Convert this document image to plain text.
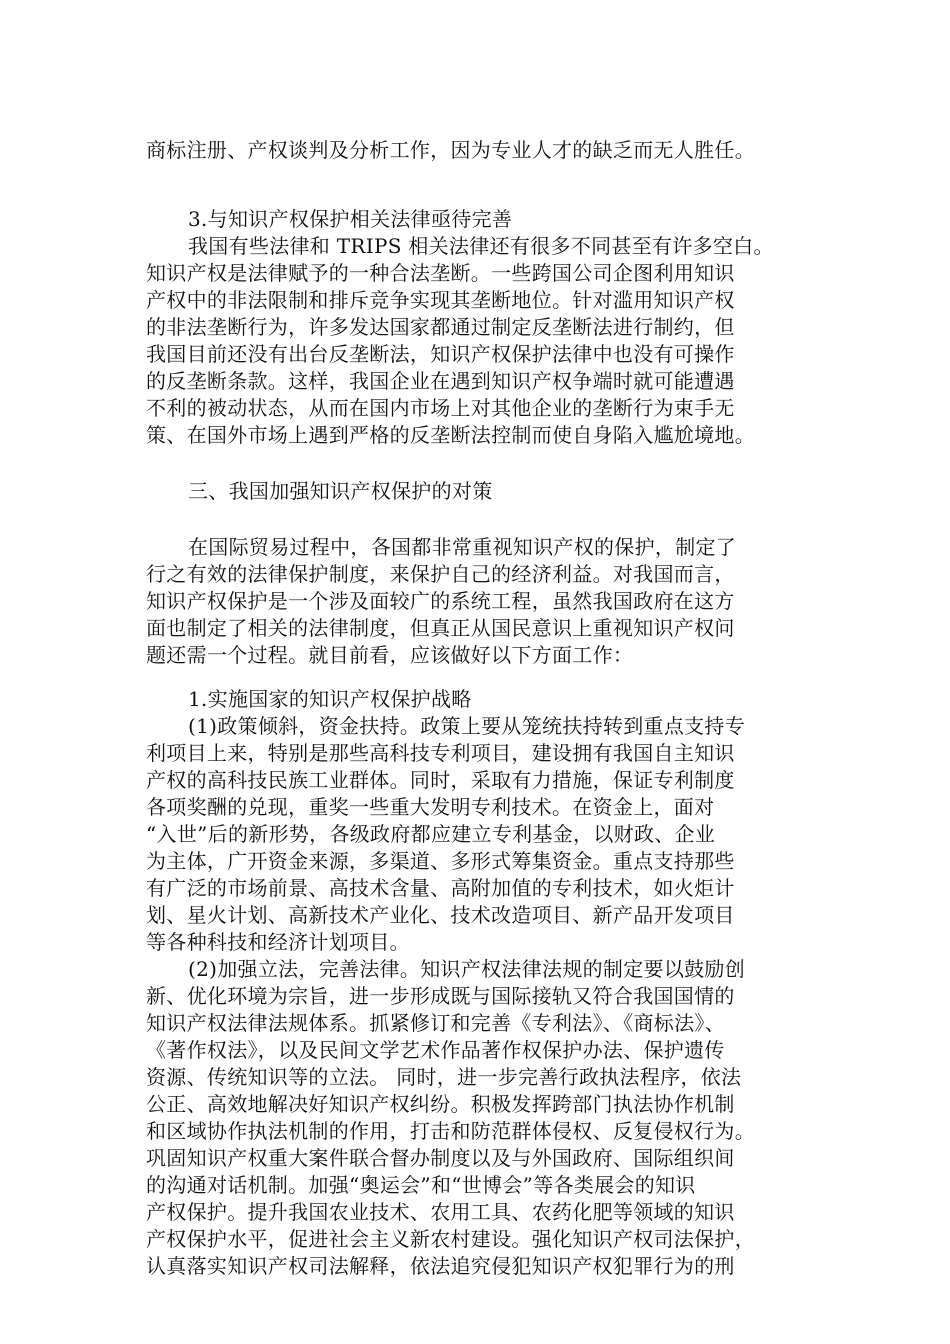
商标注册、产权谈判及分析工作，因为专业人才的缺乏而无人胜任。
3.与知识产权保护相关法律亟待完善
我国有些法律和 TRIPS 相关法律还有很多不同甚至有许多空白。
知识产权是法律赋予的一种合法垄断。一些跨国公司企图利用知识
产权中的非法限制和排斥竞争实现其垄断地位。针对滥用知识产权
的非法垄断行为，许多发达国家都通过制定反垄断法进行制约，但
我国目前还没有出台反垄断法，知识产权保护法律中也没有可操作
的反垄断条款。这样，我国企业在遇到知识产权争端时就可能遭遇
不利的被动状态，从而在国内市场上对其他企业的垄断行为束手无
策、在国外市场上遇到严格的反垄断法控制而使自身陷入尴尬境地。
三、我国加强知识产权保护的对策
在国际贸易过程中，各国都非常重视知识产权的保护，制定了
行之有效的法律保护制度，来保护自己的经济利益。对我国而言，
知识产权保护是一个涉及面较广的系统工程，虽然我国政府在这方
面也制定了相关的法律制度，但真正从国民意识上重视知识产权问
题还需一个过程。就目前看，应该做好以下方面工作：
1.实施国家的知识产权保护战略
(1)政策倾斜，资金扶持。政策上要从笼统扶持转到重点支持专
利项目上来，特别是那些高科技专利项目，建设拥有我国自主知识
产权的高科技民族工业群体。同时，采取有力措施，保证专利制度
各项奖酬的兑现，重奖一些重大发明专利技术。在资金上，面对
“入世”后的新形势，各级政府都应建立专利基金，以财政、企业
为主体，广开资金来源，多渠道、多形式筹集资金。重点支持那些
有广泛的市场前景、高技术含量、高附加值的专利技术，如火炬计
划、星火计划、高新技术产业化、技术改造项目、新产品开发项目
等各种科技和经济计划项目。
(2)加强立法，完善法律。知识产权法律法规的制定要以鼓励创
新、优化环境为宗旨，进一步形成既与国际接轨又符合我国国情的
知识产权法律法规体系。抓紧修订和完善《专利法》、《商标法》、
《著作权法》，以及民间文学艺术作品著作权保护办法、保护遗传
资源、传统知识等的立法。 同时，进一步完善行政执法程序，依法
公正、高效地解决好知识产权纠纷。积极发挥跨部门执法协作机制
和区域协作执法机制的作用，打击和防范群体侵权、反复侵权行为。
巩固知识产权重大案件联合督办制度以及与外国政府、国际组织间
的沟通对话机制。加强“奥运会”和“世博会”等各类展会的知识
产权保护。提升我国农业技术、农用工具、农药化肥等领域的知识
产权保护水平，促进社会主义新农村建设。强化知识产权司法保护，
认真落实知识产权司法解释，依法追究侵犯知识产权犯罪行为的刑
